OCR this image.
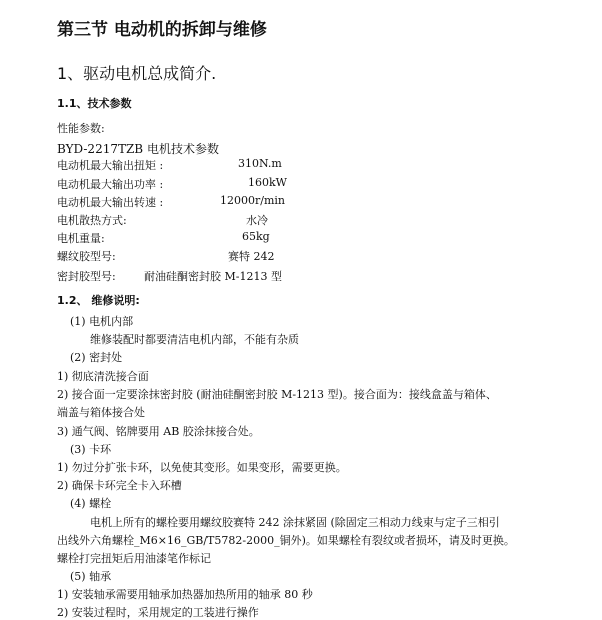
第三节 电动机的拆卸与维修
1、驱动电机总成简介.
1.1、技术参数
性能参数:
BYD-2217TZB 电机技术参数
电动机最大输出扭矩 :	310N.m
电动机最大输出功率 :	160kW
电动机最大输出转速 :	12000r/min
电机散热方式:	水冷
电机重量:	65kg
螺纹胶型号:	赛特 242
密封胶型号:	耐油硅酮密封胶 M-1213 型
1.2、 维修说明:
(1) 电机内部
维修装配时都要清洁电机内部，不能有杂质
(2) 密封处
1) 彻底清洗接合面
2) 接合面一定要涂抹密封胶 (耐油硅酮密封胶 M-1213 型)。接合面为：接线盒盖与箱体、
端盖与箱体接合处
3) 通气阀、铭牌要用 AB 胶涂抹接合处。
(3) 卡环
1) 勿过分扩张卡环，以免使其变形。如果变形，需要更换。
2) 确保卡环完全卡入环槽
(4) 螺栓
电机上所有的螺栓要用螺纹胶赛特 242 涂抹紧固 (除固定三相动力线束与定子三相引
出线外六角螺栓_M6×16_GB/T5782-2000_铜外)。如果螺栓有裂纹或者损坏，请及时更换。
螺栓打完扭矩后用油漆笔作标记
(5) 轴承
1) 安装轴承需要用轴承加热器加热所用的轴承 80 秒
2) 安装过程时，采用规定的工装进行操作
